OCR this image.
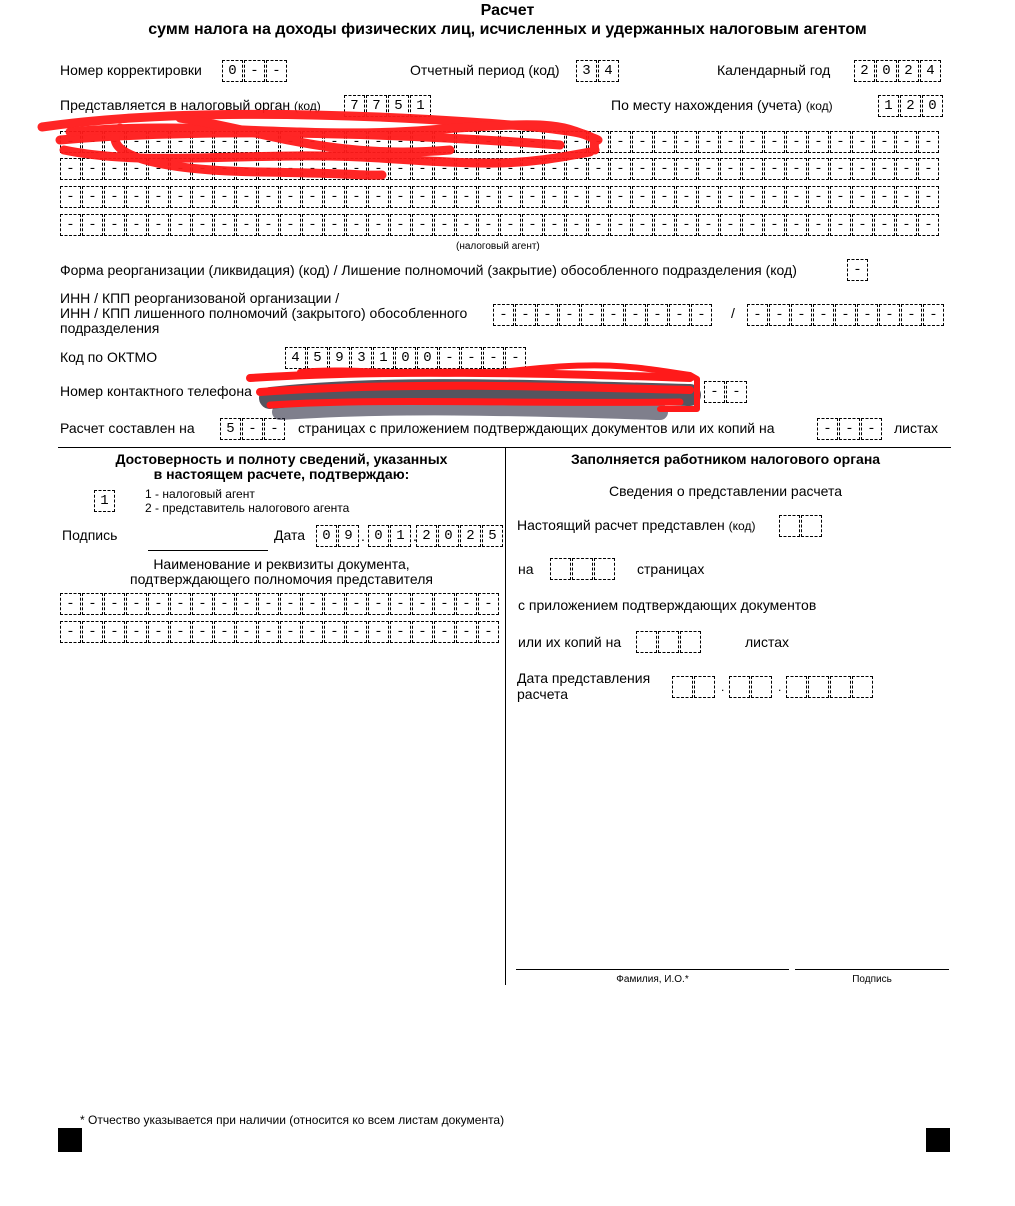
Расчет
сумм налога на доходы физических лиц, исчисленных и удержанных налоговым агентом
Номер корректировки	0 - -	Отчетный период (код)	3 4	Календарный год	2 0 2 4
Представляется в налоговый орган (код)	7 7 5 1	По месту нахождения (учета) (код)	1 2 0
- - - - - - - - - - - - - - - - - - - - - - - - - - - - - - - - - - - - - - - -
- - - - - - - - - - - - - - - - - - - - - - - - - - - - - - - - - - - - - - - -
- - - - - - - - - - - - - - - - - - - - - - - - - - - - - - - - - - - - - - - -
- - - - - - - - - - - - - - - - - - - - - - - - - - - - - - - - - - - - - - - -
(налоговый агент)
Форма реорганизации (ликвидация) (код) / Лишение полномочий (закрытие) обособленного подразделения (код)	-
ИНН / КПП реорганизованой организации /
ИНН / КПП лишенного полномочий (закрытого) обособленного
подразделения
- - - - - - - - - -	/	- - - - - - - - -
Код по ОКТМО	4 5 9 3 1 0 0 - - - -
Номер контактного телефона	- -
Расчет составлен на	5 - -	страницах с приложением подтверждающих документов или их копий на	- - -	листах
Достоверность и полноту сведений, указанных
в настоящем расчете, подтверждаю:
1	1 - налоговый агент
2 - представитель налогового агента
Подпись	Дата	0 9 . 0 1 . 2 0 2 5
Наименование и реквизиты документа,
подтверждающего полномочия представителя
- - - - - - - - - - - - - - - - - - - -
- - - - - - - - - - - - - - - - - - - -
Заполняется работником налогового органа
Сведения о представлении расчета
Настоящий расчет представлен (код)
на	страницах
с приложением подтверждающих документов
или их копий на	листах
Дата представления
расчета	.	.
Фамилия, И.О.*	Подпись
* Отчество указывается при наличии (относится ко всем листам документа)
